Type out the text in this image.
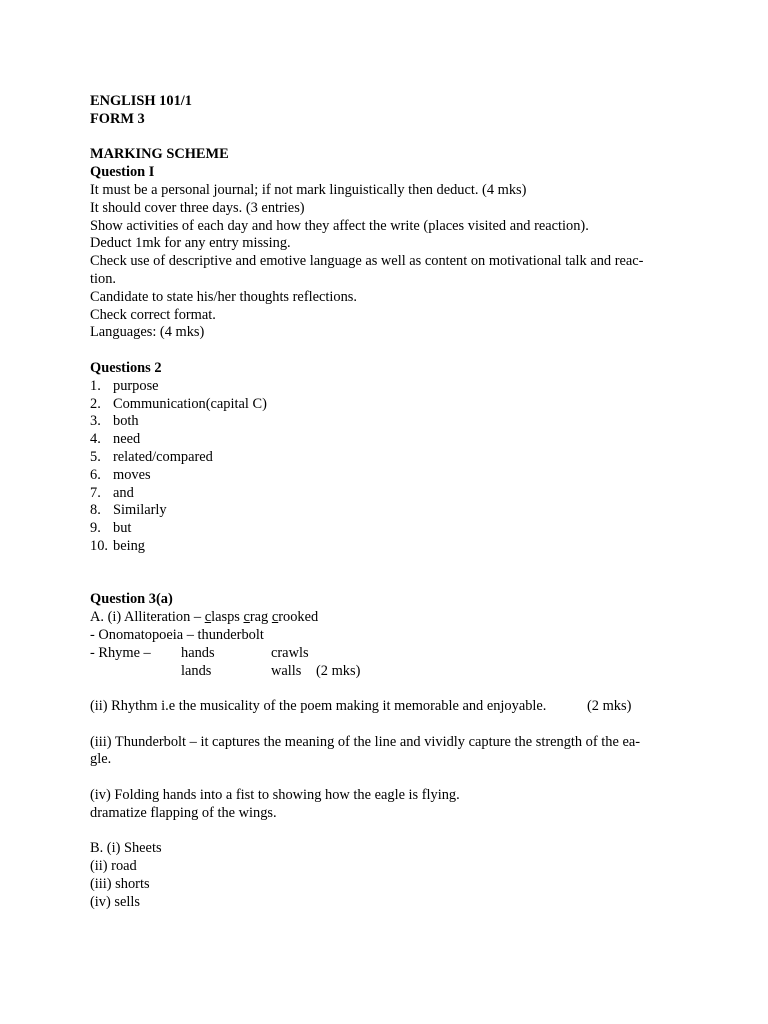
ENGLISH 101/1
FORM 3
MARKING SCHEME
Question I
It must be a personal journal; if not mark linguistically then deduct. (4 mks)
It should cover three days. (3 entries)
Show activities of each day and how they affect the write (places visited and reaction).
Deduct 1mk for any entry missing.
Check use of descriptive and emotive language as well as content on motivational talk and reac-
tion.
Candidate to state his/her thoughts reflections.
Check correct format.
Languages: (4 mks)
Questions 2
1. purpose
2. Communication(capital C)
3. both
4. need
5. related/compared
6. moves
7. and
8. Similarly
9. but
10. being
Question 3(a)
A. (i) Alliteration – clasps crag crooked
- Onomatopoeia – thunderbolt
- Rhyme – hands	crawls
lands	walls (2 mks)
(ii) Rhythm i.e the musicality of the poem making it memorable and enjoyable.	(2 mks)
(iii) Thunderbolt – it captures the meaning of the line and vividly capture the strength of the ea-
gle.
(iv) Folding hands into a fist to showing how the eagle is flying.
dramatize flapping of the wings.
B. (i) Sheets
(ii) road
(iii) shorts
(iv) sells
